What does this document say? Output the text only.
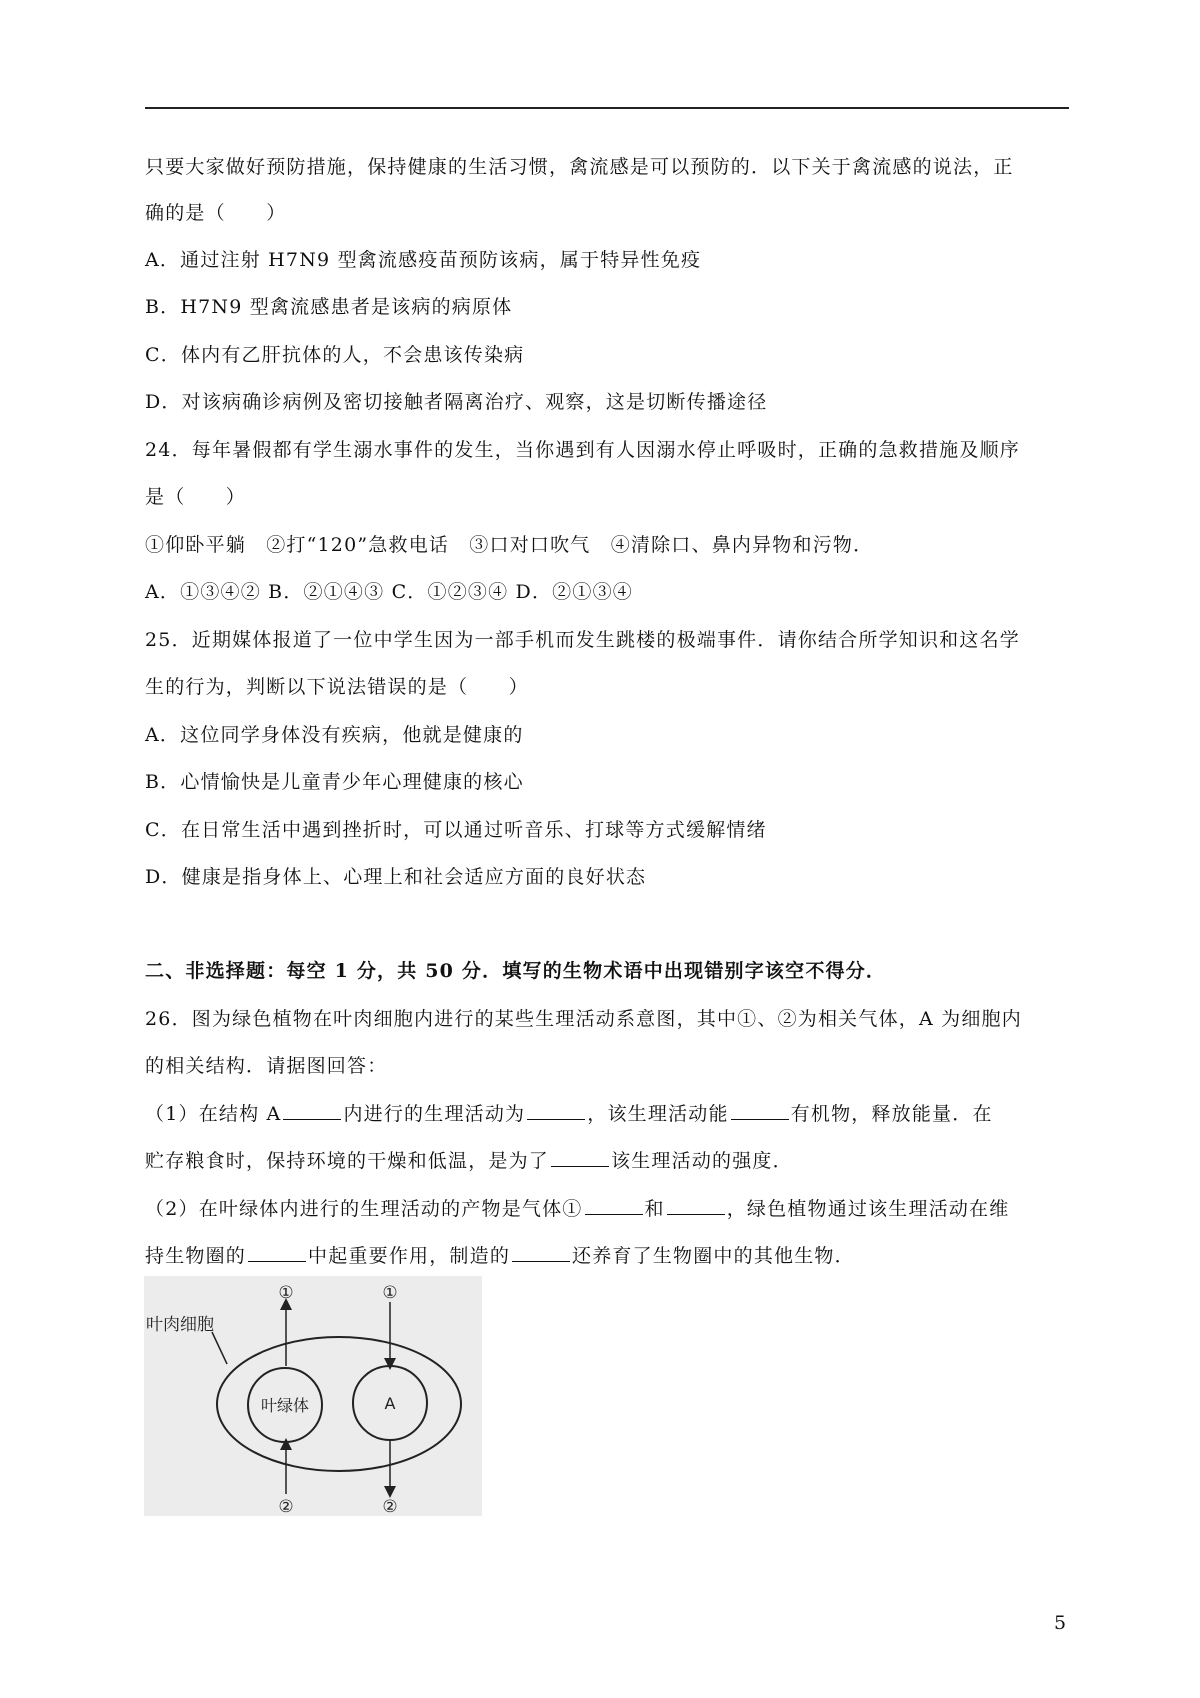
只要大家做好预防措施，保持健康的生活习惯，禽流感是可以预防的．以下关于禽流感的说法，正
确的是（　　）
A．通过注射 H7N9 型禽流感疫苗预防该病，属于特异性免疫
B．H7N9 型禽流感患者是该病的病原体
C．体内有乙肝抗体的人，不会患该传染病
D．对该病确诊病例及密切接触者隔离治疗、观察，这是切断传播途径
24．每年暑假都有学生溺水事件的发生，当你遇到有人因溺水停止呼吸时，正确的急救措施及顺序
是（　　）
①仰卧平躺　②打“120”急救电话　③口对口吹气　④清除口、鼻内异物和污物．
A．①③④② B．②①④③ C．①②③④ D．②①③④
25．近期媒体报道了一位中学生因为一部手机而发生跳楼的极端事件．请你结合所学知识和这名学
生的行为，判断以下说法错误的是（　　）
A．这位同学身体没有疾病，他就是健康的
B．心情愉快是儿童青少年心理健康的核心
C．在日常生活中遇到挫折时，可以通过听音乐、打球等方式缓解情绪
D．健康是指身体上、心理上和社会适应方面的良好状态
二、非选择题：每空 1 分，共 50 分．填写的生物术语中出现错别字该空不得分．
26．图为绿色植物在叶肉细胞内进行的某些生理活动系意图，其中①、②为相关气体，A 为细胞内
的相关结构．请据图回答：
（1）在结构 A	内进行的生理活动为	，该生理活动能	有机物，释放能量．在
贮存粮食时，保持环境的干燥和低温，是为了	该生理活动的强度．
（2）在叶绿体内进行的生理活动的产物是气体①	和	，绿色植物通过该生理活动在维
持生物圈的	中起重要作用，制造的	还养育了生物圈中的其他生物．
叶肉细胞
叶绿体	A
①	①
②	②
5
